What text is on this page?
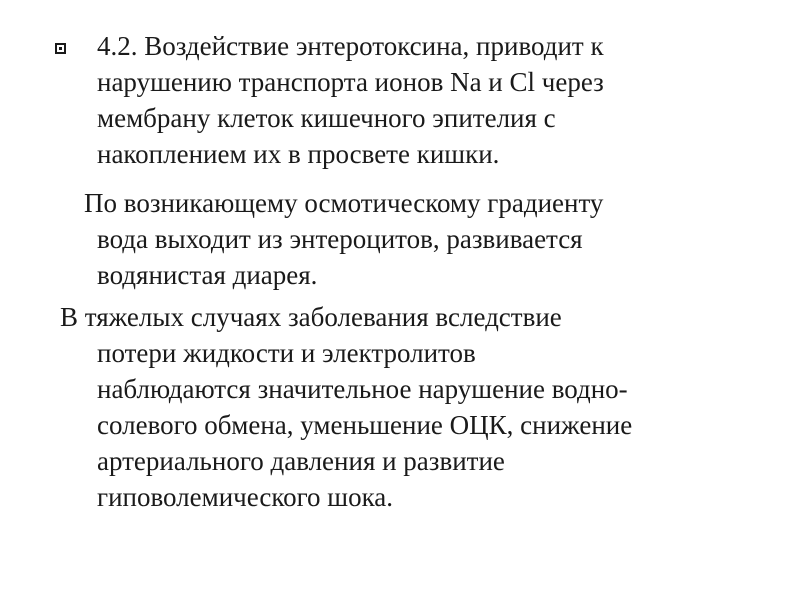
4.2. Воздействие энтеротоксина, приводит к

нарушению транспорта ионов Na и Cl через

мембрану клеток кишечного эпителия с

накоплением их в просвете кишки.

По возникающему осмотическому градиенту

вода выходит из энтероцитов, развивается

водянистая диарея.

В тяжелых случаях заболевания вследствие

потери жидкости и электролитов

наблюдаются значительное нарушение водно-

солевого обмена, уменьшение ОЦК, снижение

артериального давления и развитие

гиповолемического шока.
